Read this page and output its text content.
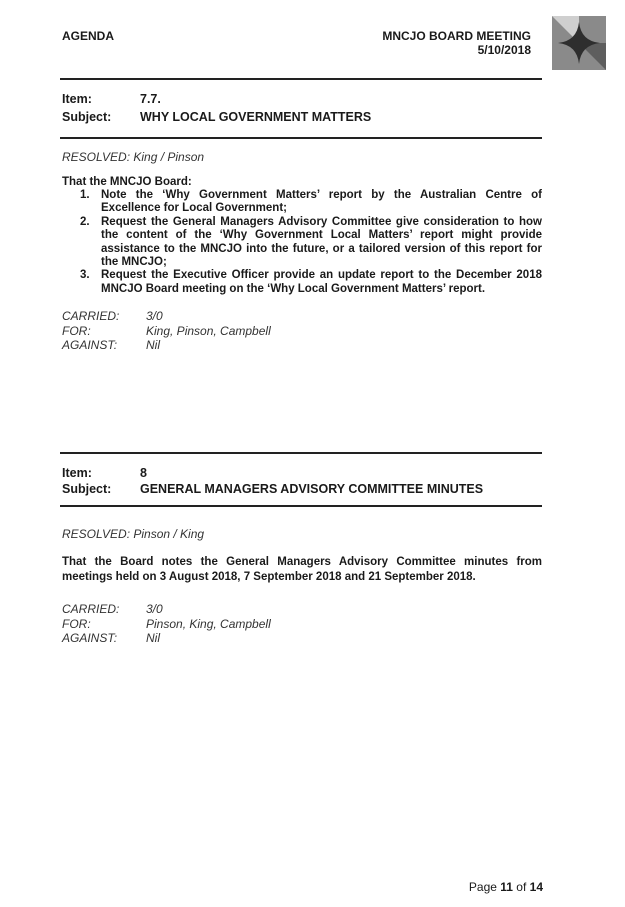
AGENDA	MNCJO BOARD MEETING
5/10/2018
Item:	7.7.
Subject: WHY LOCAL GOVERNMENT MATTERS
RESOLVED: King / Pinson
That the MNCJO Board:
1. Note the ‘Why Government Matters’ report by the Australian Centre of Excellence for Local Government;
2. Request the General Managers Advisory Committee give consideration to how the content of the ‘Why Government Local Matters’ report might provide assistance to the MNCJO into the future, or a tailored version of this report for the MNCJO;
3. Request the Executive Officer provide an update report to the December 2018 MNCJO Board meeting on the ‘Why Local Government Matters’ report.
CARRIED: 3/0
FOR:	King, Pinson, Campbell
AGAINST: Nil
Item:	8
Subject: GENERAL MANAGERS ADVISORY COMMITTEE MINUTES
RESOLVED: Pinson / King
That the Board notes the General Managers Advisory Committee minutes from meetings held on 3 August 2018, 7 September 2018 and 21 September 2018.
CARRIED: 3/0
FOR:	Pinson, King, Campbell
AGAINST: Nil
Page 11 of 14
